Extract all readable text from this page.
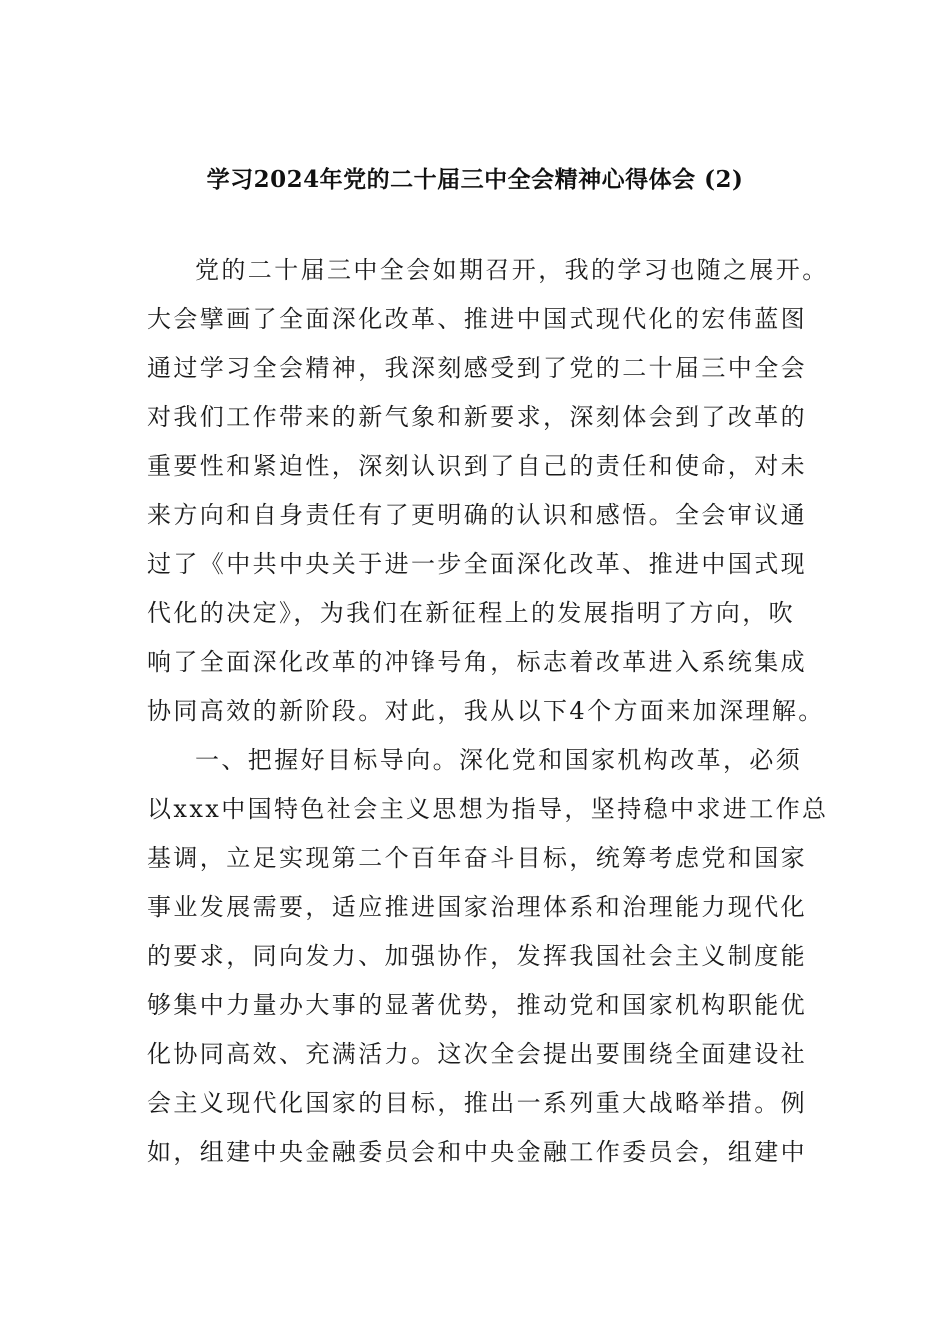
学习2024年党的二十届三中全会精神心得体会 (2)
党的二十届三中全会如期召开，我的学习也随之展开。
大会擘画了全面深化改革、推进中国式现代化的宏伟蓝图
通过学习全会精神，我深刻感受到了党的二十届三中全会
对我们工作带来的新气象和新要求，深刻体会到了改革的
重要性和紧迫性，深刻认识到了自己的责任和使命，对未
来方向和自身责任有了更明确的认识和感悟。全会审议通
过了《中共中央关于进一步全面深化改革、推进中国式现
代化的决定》，为我们在新征程上的发展指明了方向，吹
响了全面深化改革的冲锋号角，标志着改革进入系统集成
协同高效的新阶段。对此，我从以下4个方面来加深理解。
一、把握好目标导向。深化党和国家机构改革，必须
以xxx中国特色社会主义思想为指导，坚持稳中求进工作总
基调，立足实现第二个百年奋斗目标，统筹考虑党和国家
事业发展需要，适应推进国家治理体系和治理能力现代化
的要求，同向发力、加强协作，发挥我国社会主义制度能
够集中力量办大事的显著优势，推动党和国家机构职能优
化协同高效、充满活力。这次全会提出要围绕全面建设社
会主义现代化国家的目标，推出一系列重大战略举措。例
如，组建中央金融委员会和中央金融工作委员会，组建中
